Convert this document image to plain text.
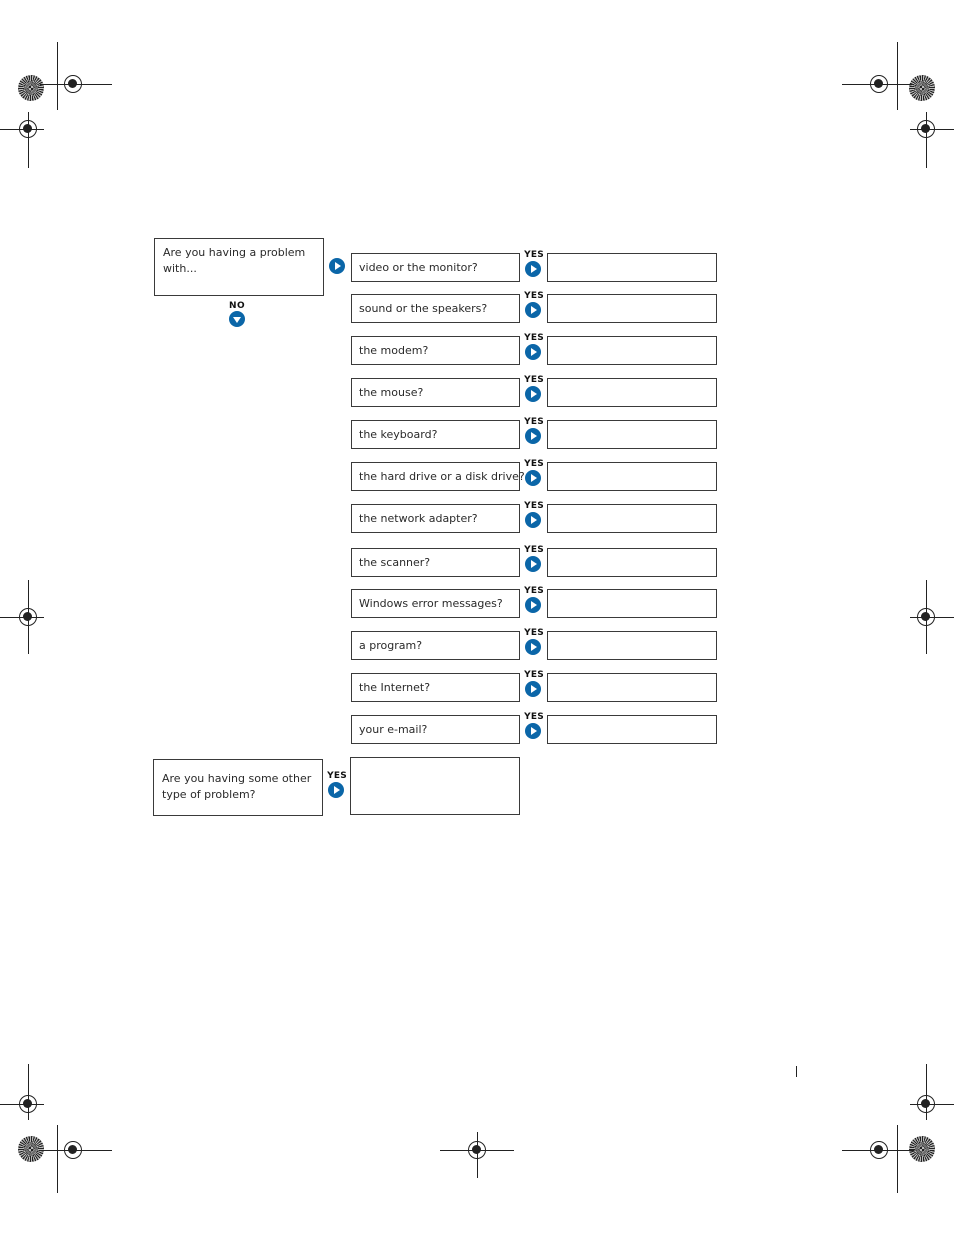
Are you having a problem with...
NO
video or the monitor?
YES
sound or the speakers?
YES
the modem?
YES
the mouse?
YES
the keyboard?
YES
the hard drive or a disk drive?
YES
the network adapter?
YES
the scanner?
YES
Windows error messages?
YES
a program?
YES
the Internet?
YES
your e-mail?
YES
Are you having some other type of problem?
YES
